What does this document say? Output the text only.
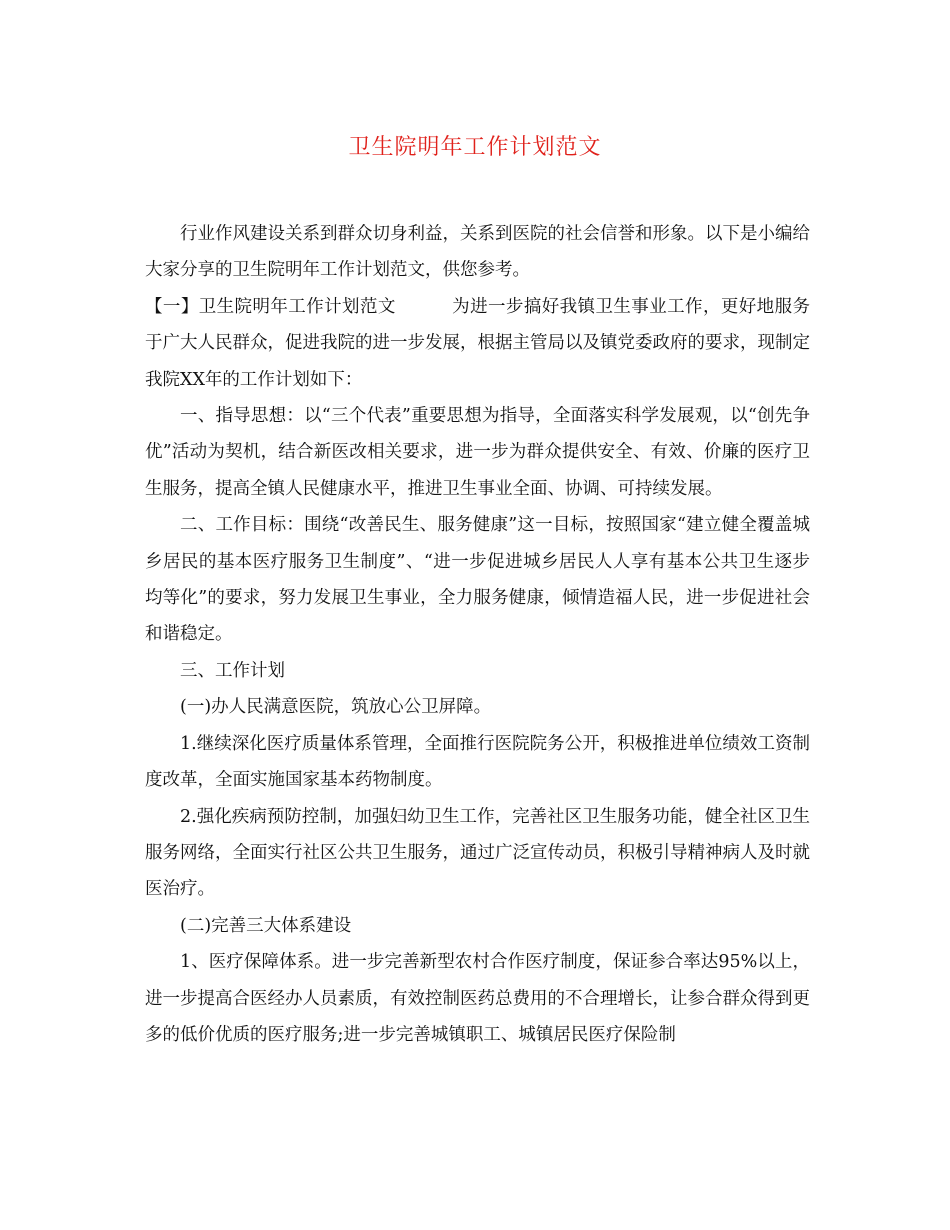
卫生院明年工作计划范文

行业作风建设关系到群众切身利益，关系到医院的社会信誉和形象。以下是小编给大家分享的卫生院明年工作计划范文，供您参考。

【一】卫生院明年工作计划范文	为进一步搞好我镇卫生事业工作，更好地服务于广大人民群众，促进我院的进一步发展，根据主管局以及镇党委政府的要求，现制定我院XX年的工作计划如下：

一、指导思想：以“三个代表”重要思想为指导，全面落实科学发展观，以“创先争优”活动为契机，结合新医改相关要求，进一步为群众提供安全、有效、价廉的医疗卫生服务，提高全镇人民健康水平，推进卫生事业全面、协调、可持续发展。

二、工作目标：围绕“改善民生、服务健康”这一目标，按照国家“建立健全覆盖城乡居民的基本医疗服务卫生制度”、“进一步促进城乡居民人人享有基本公共卫生逐步均等化”的要求，努力发展卫生事业，全力服务健康，倾情造福人民，进一步促进社会和谐稳定。

三、工作计划

(一)办人民满意医院，筑放心公卫屏障。

1.继续深化医疗质量体系管理，全面推行医院院务公开，积极推进单位绩效工资制度改革，全面实施国家基本药物制度。

2.强化疾病预防控制，加强妇幼卫生工作，完善社区卫生服务功能，健全社区卫生服务网络，全面实行社区公共卫生服务，通过广泛宣传动员，积极引导精神病人及时就医治疗。

(二)完善三大体系建设

1、医疗保障体系。进一步完善新型农村合作医疗制度，保证参合率达95%以上，进一步提高合医经办人员素质，有效控制医药总费用的不合理增长，让参合群众得到更多的低价优质的医疗服务;进一步完善城镇职工、城镇居民医疗保险制
